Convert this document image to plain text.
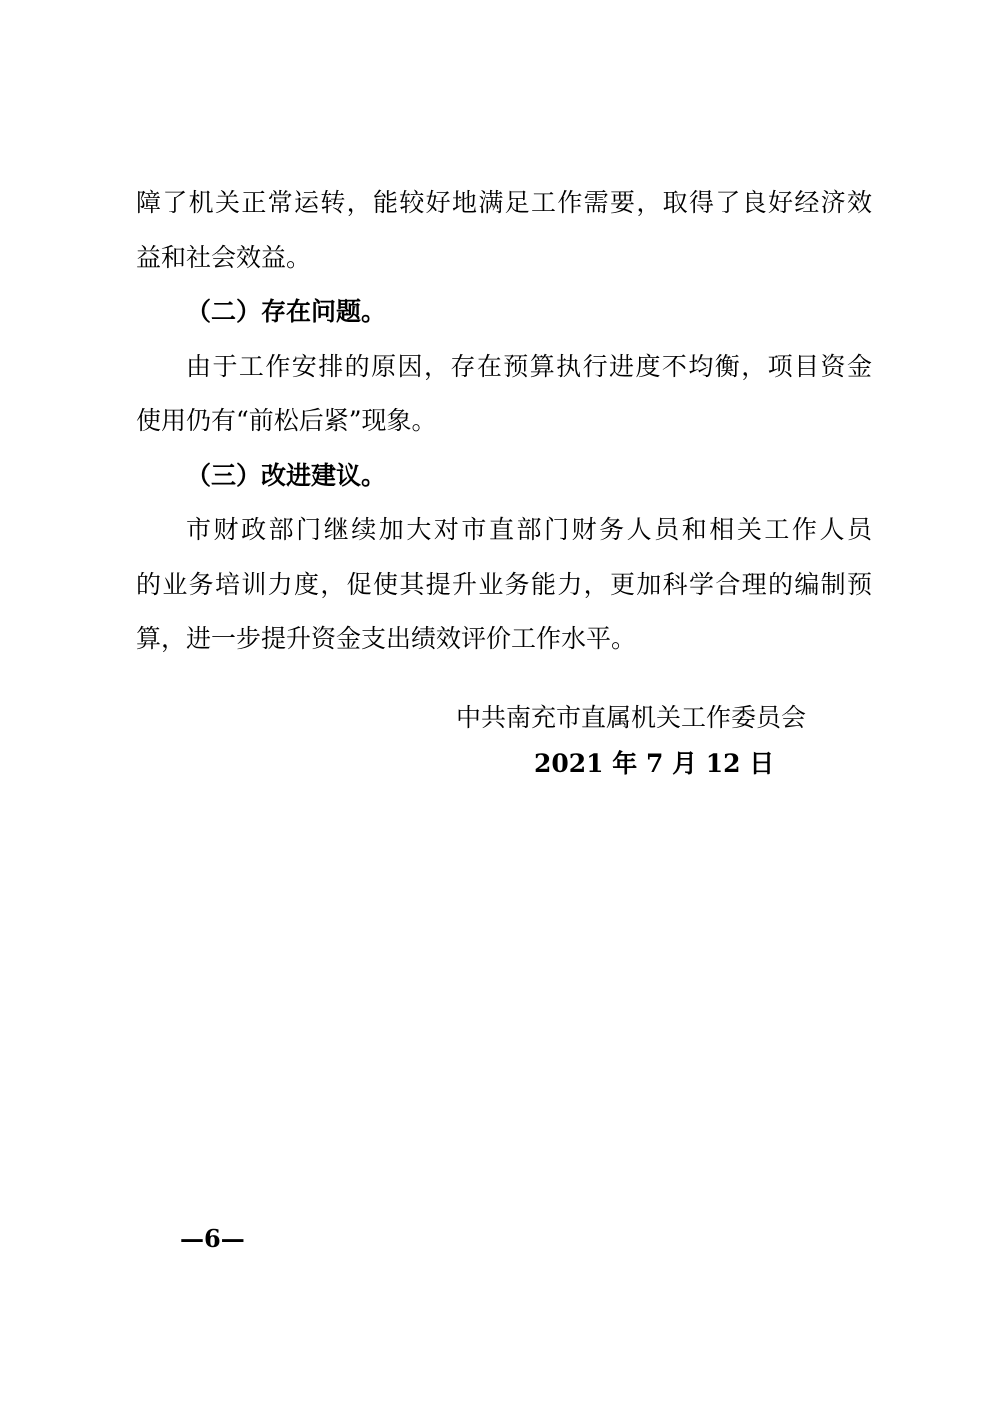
障了机关正常运转，能较好地满足工作需要，取得了良好经济效
益和社会效益。
（二）存在问题。
由于工作安排的原因，存在预算执行进度不均衡，项目资金
使用仍有“前松后紧”现象。
（三）改进建议。
市财政部门继续加大对市直部门财务人员和相关工作人员
的业务培训力度，促使其提升业务能力，更加科学合理的编制预
算，进一步提升资金支出绩效评价工作水平。
中共南充市直属机关工作委员会
2021 年 7 月 12 日
—6—
